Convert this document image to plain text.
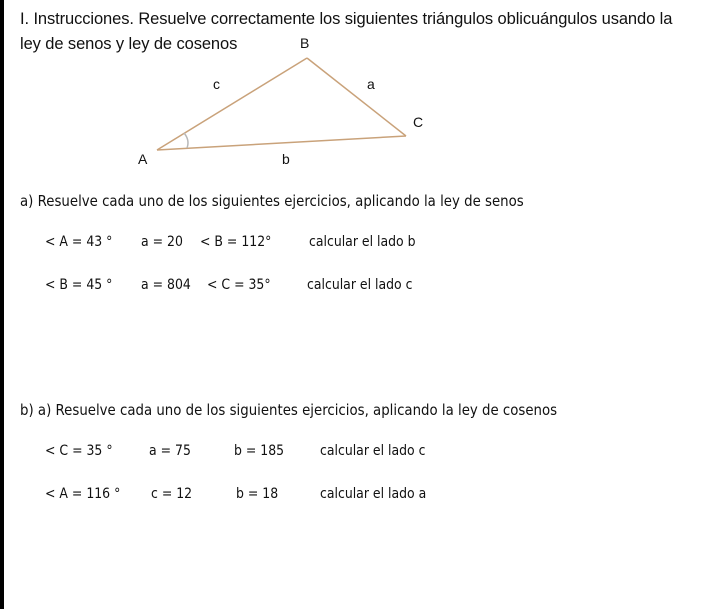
I. Instrucciones. Resuelve correctamente los siguientes triángulos oblicuángulos usando la
ley de senos y ley de cosenos	B
c	a
C
A	b
a) Resuelve cada uno de los siguientes ejercicios, aplicando la ley de senos
< A = 43 ° a = 20 < B = 112°	calcular el lado b
< B = 45 ° a = 804 < C = 35°	calcular el lado c
b) a) Resuelve cada uno de los siguientes ejercicios, aplicando la ley de cosenos
< C = 35 °	a = 75	b = 185 calcular el lado c
< A = 116 ° c = 12	b = 18	calcular el lado a
